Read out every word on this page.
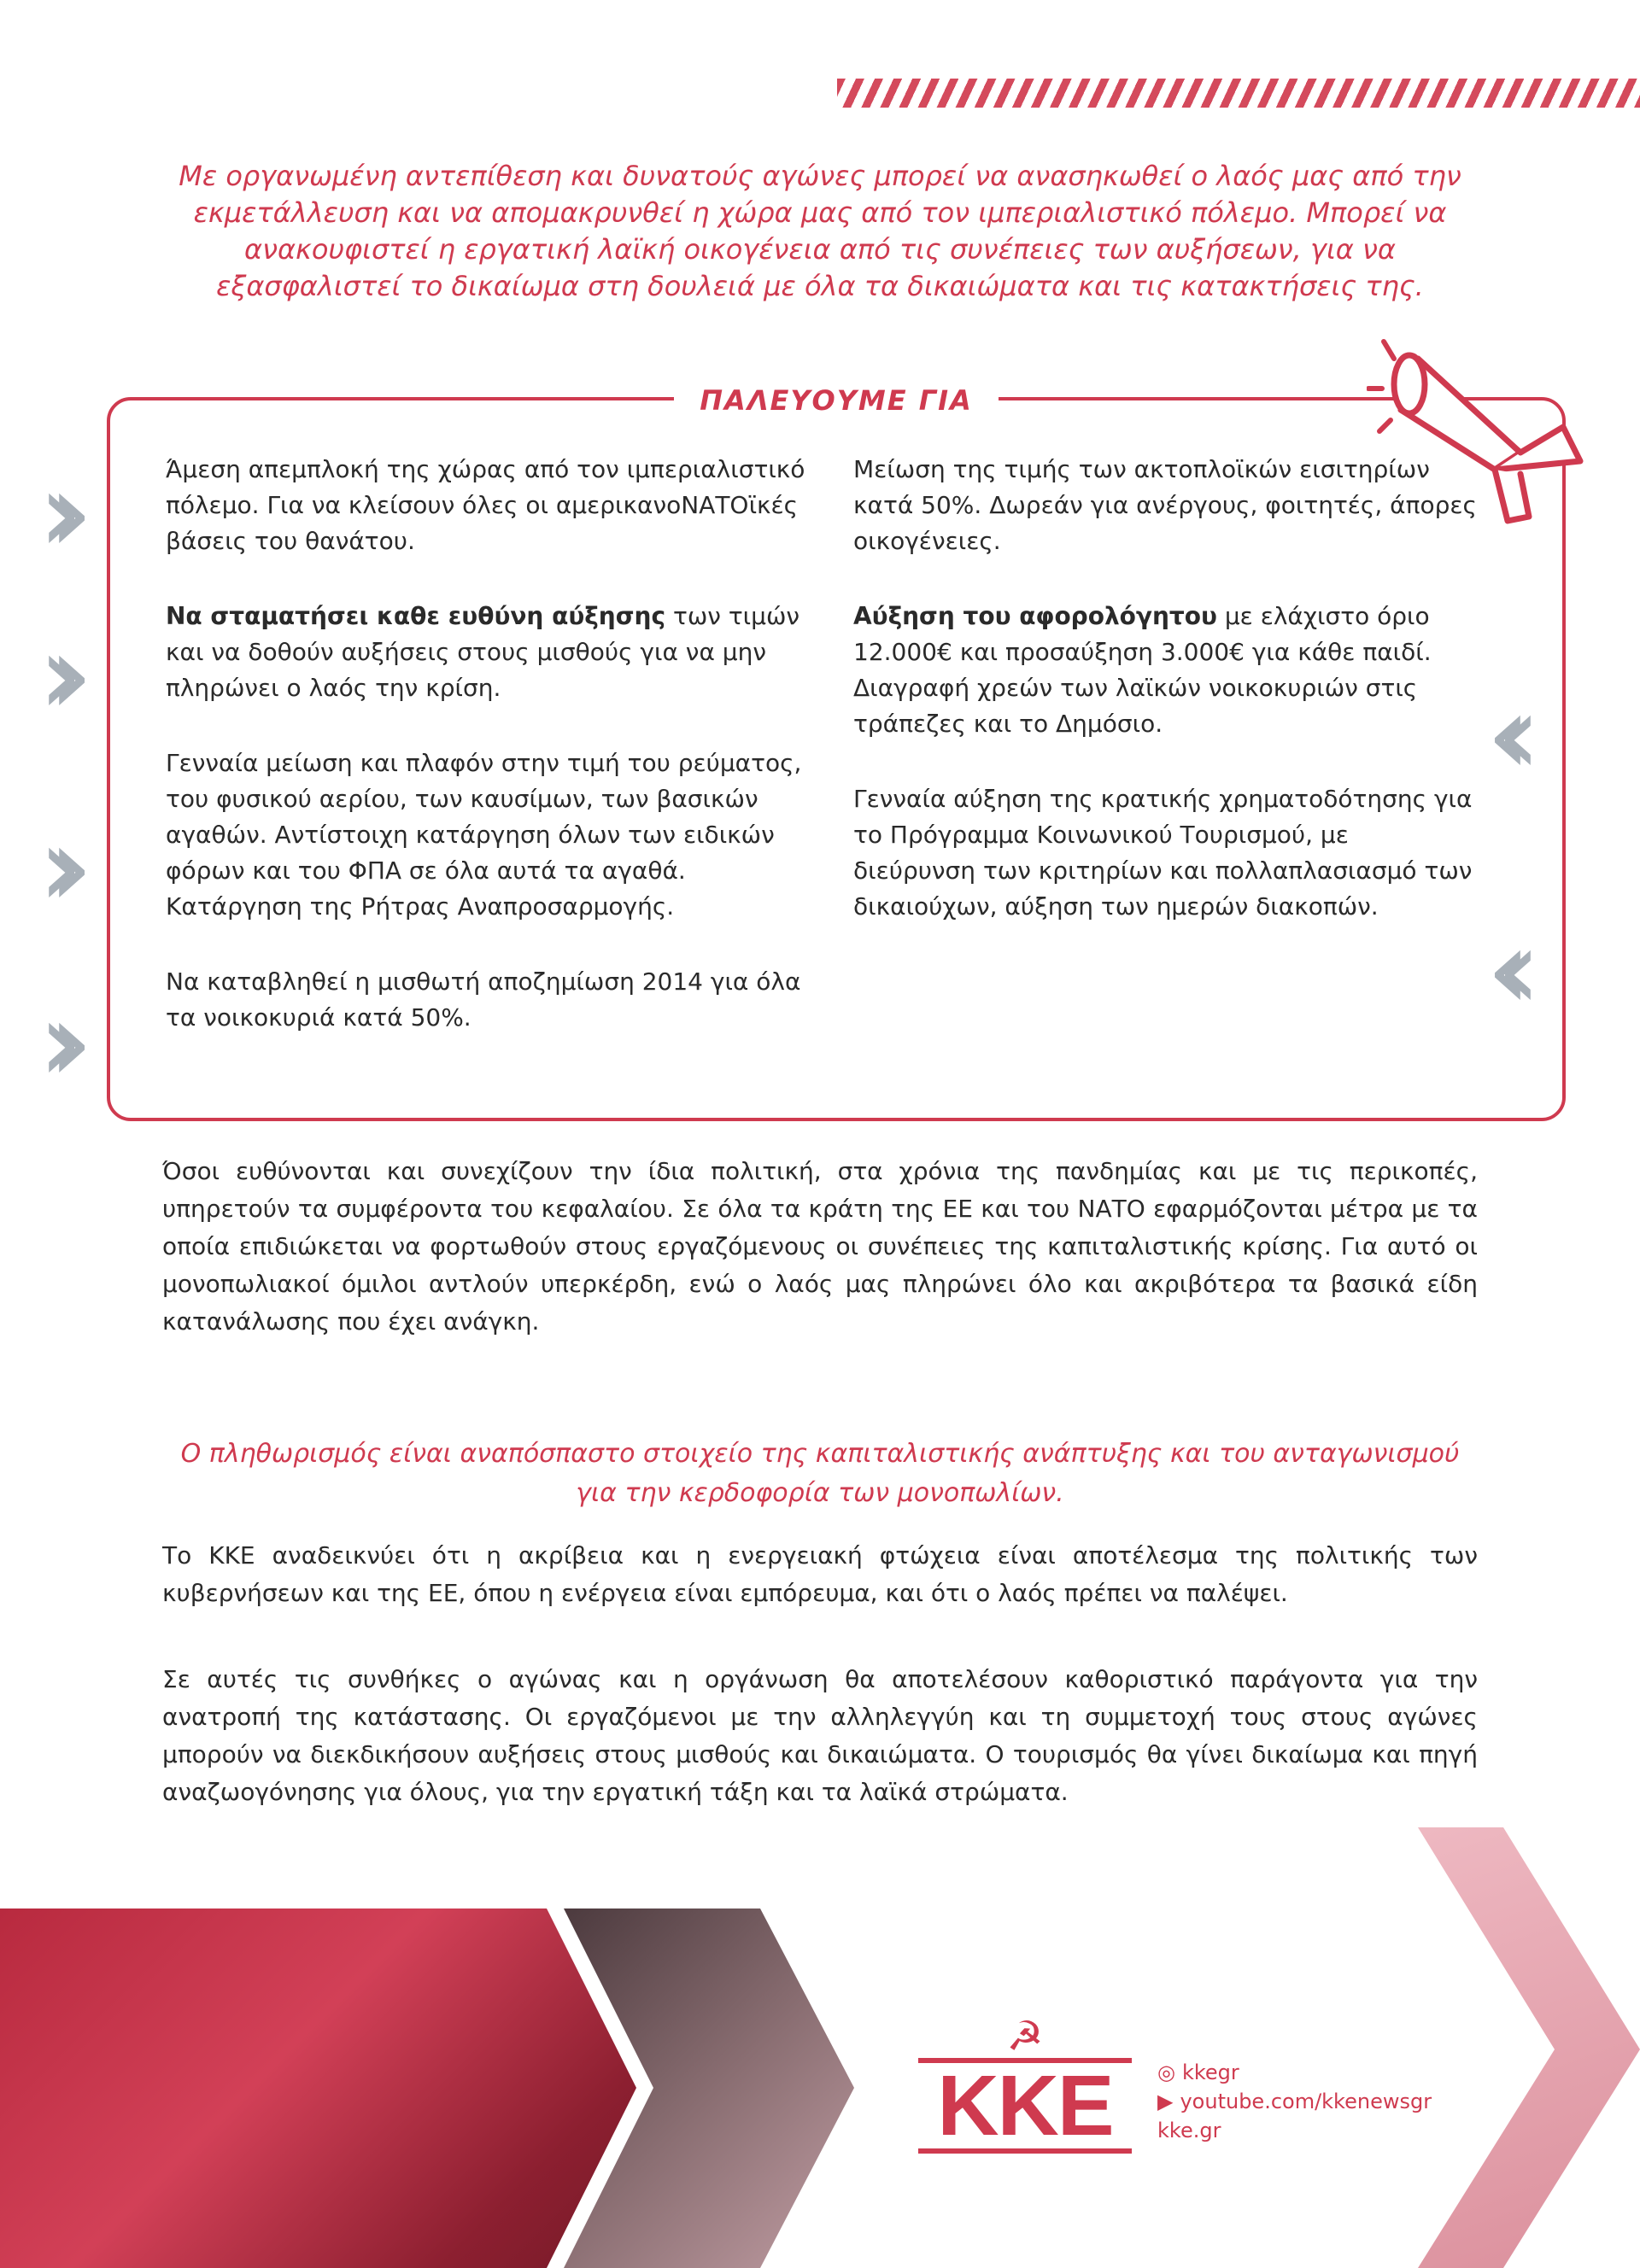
Με οργανωμένη αντεπίθεση και δυνατούς αγώνες μπορεί να ανασηκωθεί ο λαός μας από την εκμετάλλευση και να απομακρυνθεί η χώρα μας από τον ιμπεριαλιστικό πόλεμο. Μπορεί να ανακουφιστεί η εργατική λαϊκή οικογένεια από τις συνέπειες των αυξήσεων, για να εξασφαλιστεί το δικαίωμα στη δουλειά με όλα τα δικαιώματα και τις κατακτήσεις της.
››
››
››
››
‹‹
‹‹
ΠΑΛΕΥΟΥΜΕ ΓΙΑ

Άμεση απεμπλοκή της χώρας από τον ιμπεριαλιστικό πόλεμο. Για να κλείσουν όλες οι αμερικανοΝΑΤΟϊκές βάσεις του θανάτου.

Να σταματήσει καθε ευθύνη αύξησης των τιμών και να δοθούν αυξήσεις στους μισθούς για να μην πληρώνει ο λαός την κρίση.

Γενναία μείωση και πλαφόν στην τιμή του ρεύματος, του φυσικού αερίου, των καυσίμων, των βασικών αγαθών. Αντίστοιχη κατάργηση όλων των ειδικών φόρων και του ΦΠΑ σε όλα αυτά τα αγαθά. Κατάργηση της Ρήτρας Αναπροσαρμογής.

Να καταβληθεί η μισθωτή αποζημίωση 2014 για όλα τα νοικοκυριά κατά 50%.

Μείωση της τιμής των ακτοπλοϊκών εισιτηρίων κατά 50%. Δωρεάν για ανέργους, φοιτητές, άπορες οικογένειες.

Αύξηση του αφορολόγητου με ελάχιστο όριο 12.000€ και προσαύξηση 3.000€ για κάθε παιδί. Διαγραφή χρεών των λαϊκών νοικοκυριών στις τράπεζες και το Δημόσιο.

Γενναία αύξηση της κρατικής χρηματοδότησης για το Πρόγραμμα Κοινωνικού Τουρισμού, με διεύρυνση των κριτηρίων και πολλαπλασιασμό των δικαιούχων, αύξηση των ημερών διακοπών.

Όσοι ευθύνονται και συνεχίζουν την ίδια πολιτική, στα χρόνια της πανδημίας και με τις περικοπές, υπηρετούν τα συμφέροντα του κεφαλαίου. Σε όλα τα κράτη της ΕΕ και του ΝΑΤΟ εφαρμόζονται μέτρα με τα οποία επιδιώκεται να φορτωθούν στους εργαζόμενους οι συνέπειες της καπιταλιστικής κρίσης. Για αυτό οι μονοπωλιακοί όμιλοι αντλούν υπερκέρδη, ενώ ο λαός μας πληρώνει όλο και ακριβότερα τα βασικά είδη κατανάλωσης που έχει ανάγκη.
Ο πληθωρισμός είναι αναπόσπαστο στοιχείο της καπιταλιστικής ανάπτυξης και του ανταγωνισμού για την κερδοφορία των μονοπωλίων.
Το ΚΚΕ αναδεικνύει ότι η ακρίβεια και η ενεργειακή φτώχεια είναι αποτέλεσμα της πολιτικής των κυβερνήσεων και της ΕΕ, όπου η ενέργεια είναι εμπόρευμα, και ότι ο λαός πρέπει να παλέψει.
Σε αυτές τις συνθήκες ο αγώνας και η οργάνωση θα αποτελέσουν καθοριστικό παράγοντα για την ανατροπή της κατάστασης. Οι εργαζόμενοι με την αλληλεγγύη και τη συμμετοχή τους στους αγώνες μπορούν να διεκδικήσουν αυξήσεις στους μισθούς και δικαιώματα. Ο τουρισμός θα γίνει δικαίωμα και πηγή αναζωογόνησης για όλους, για την εργατική τάξη και τα λαϊκά στρώματα.
☭
ΚΚΕ	◎ kkegr
▶ youtube.com/kkenewsgr
kke.gr
